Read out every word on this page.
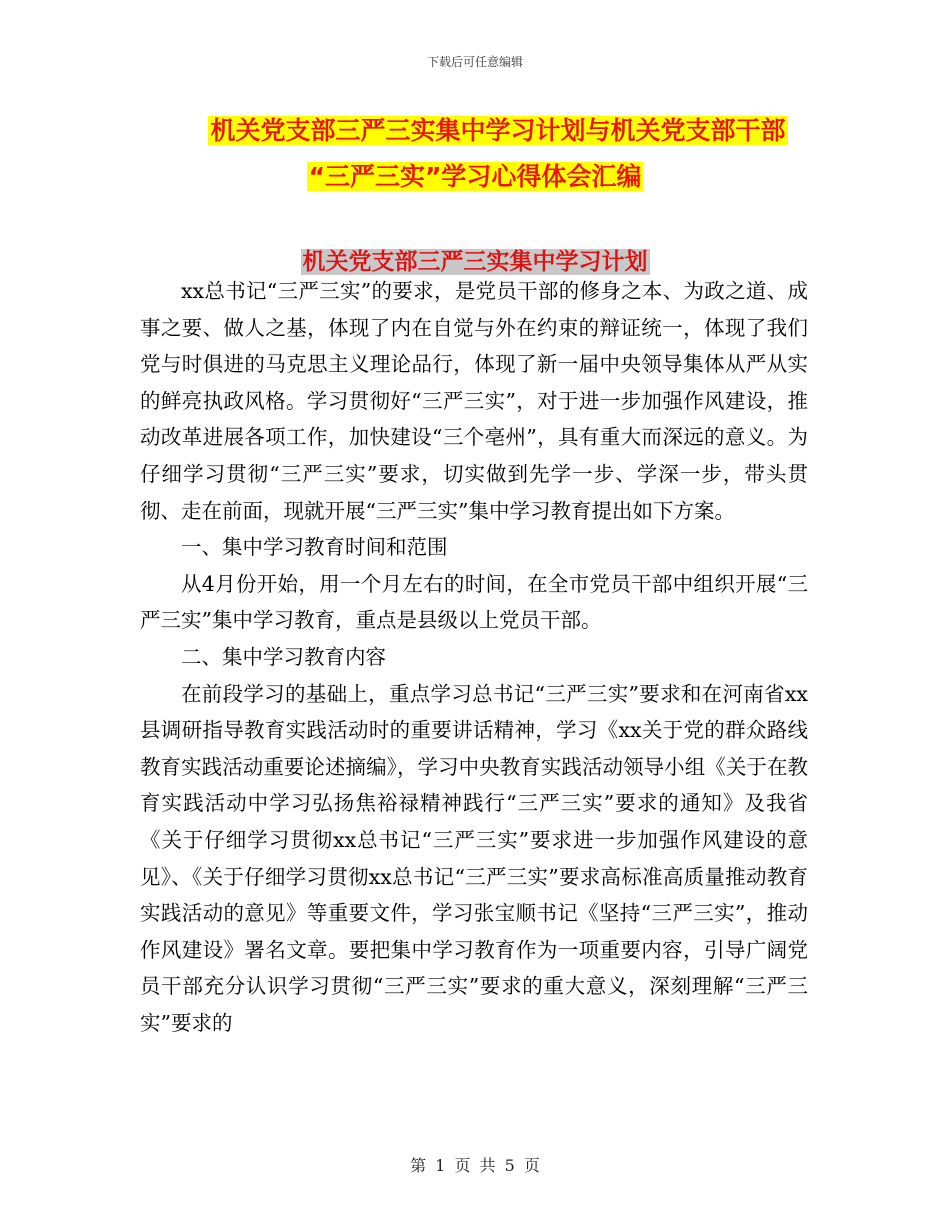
下载后可任意编辑
机关党支部三严三实集中学习计划与机关党支部干部
“三严三实”学习心得体会汇编
机关党支部三严三实集中学习计划

xx总书记“三严三实”的要求，是党员干部的修身之本、为政之道、成事之要、做人之基，体现了内在自觉与外在约束的辩证统一，体现了我们党与时俱进的马克思主义理论品行，体现了新一届中央领导集体从严从实的鲜亮执政风格。学习贯彻好“三严三实”，对于进一步加强作风建设，推动改革进展各项工作，加快建设“三个亳州”，具有重大而深远的意义。为仔细学习贯彻“三严三实”要求，切实做到先学一步、学深一步，带头贯彻、走在前面，现就开展“三严三实”集中学习教育提出如下方案。

一、集中学习教育时间和范围

从4月份开始，用一个月左右的时间，在全市党员干部中组织开展“三严三实”集中学习教育，重点是县级以上党员干部。

二、集中学习教育内容

在前段学习的基础上，重点学习总书记“三严三实”要求和在河南省xx县调研指导教育实践活动时的重要讲话精神，学习《xx关于党的群众路线教育实践活动重要论述摘编》，学习中央教育实践活动领导小组《关于在教育实践活动中学习弘扬焦裕禄精神践行“三严三实”要求的通知》及我省《关于仔细学习贯彻xx总书记“三严三实”要求进一步加强作风建设的意见》、《关于仔细学习贯彻xx总书记“三严三实”要求高标准高质量推动教育实践活动的意见》等重要文件，学习张宝顺书记《坚持“三严三实”，推动作风建设》署名文章。要把集中学习教育作为一项重要内容，引导广阔党员干部充分认识学习贯彻“三严三实”要求的重大意义，深刻理解“三严三实”要求的

第 1 页 共 5 页
